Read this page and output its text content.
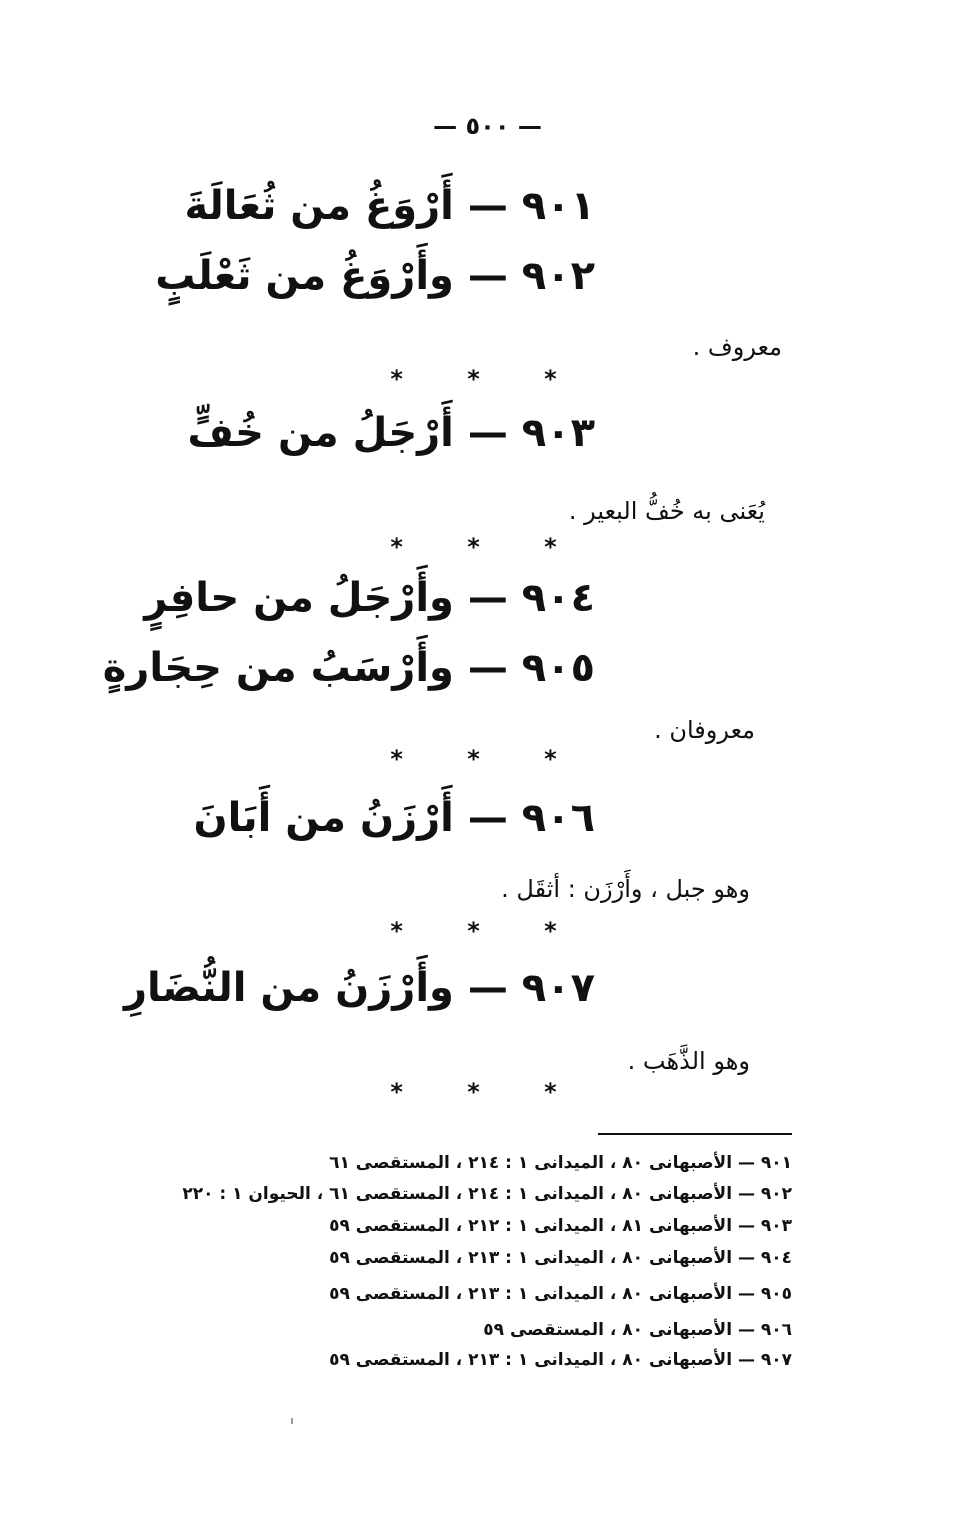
— ٥٠٠ —
٩٠١ — أَرْوَغُ من ثُعَالَةَ
٩٠٢ — وأَرْوَغُ من ثَعْلَبٍ
معروف .
* * *
٩٠٣ — أَرْجَلُ من خُفٍّ
يُعَنى به خُفُّ البعير .
* * *
٩٠٤ — وأَرْجَلُ من حافِرٍ
٩٠٥ — وأَرْسَبُ من حِجَارةٍ
معروفان .
* * *
٩٠٦ — أَرْزَنُ من أَبَانَ
وهو جبل ، وأَرْزَن : أثقَل .
* * *
٩٠٧ — وأَرْزَنُ من النُّضَارِ
وهو الذَّهَب .
* * *
٩٠١ — الأصبهانى ٨٠ ، الميدانى ١ : ٢١٤ ، المستقصى ٦١
٩٠٢ — الأصبهانى ٨٠ ، الميدانى ١ : ٢١٤ ، المستقصى ٦١ ، الحيوان ١ : ٢٢٠
٩٠٣ — الأصبهانى ٨١ ، الميدانى ١ : ٢١٢ ، المستقصى ٥٩
٩٠٤ — الأصبهانى ٨٠ ، الميدانى ١ : ٢١٣ ، المستقصى ٥٩
٩٠٥ — الأصبهانى ٨٠ ، الميدانى ١ : ٢١٣ ، المستقصى ٥٩
٩٠٦ — الأصبهانى ٨٠ ، المستقصى ٥٩
٩٠٧ — الأصبهانى ٨٠ ، الميدانى ١ : ٢١٣ ، المستقصى ٥٩
